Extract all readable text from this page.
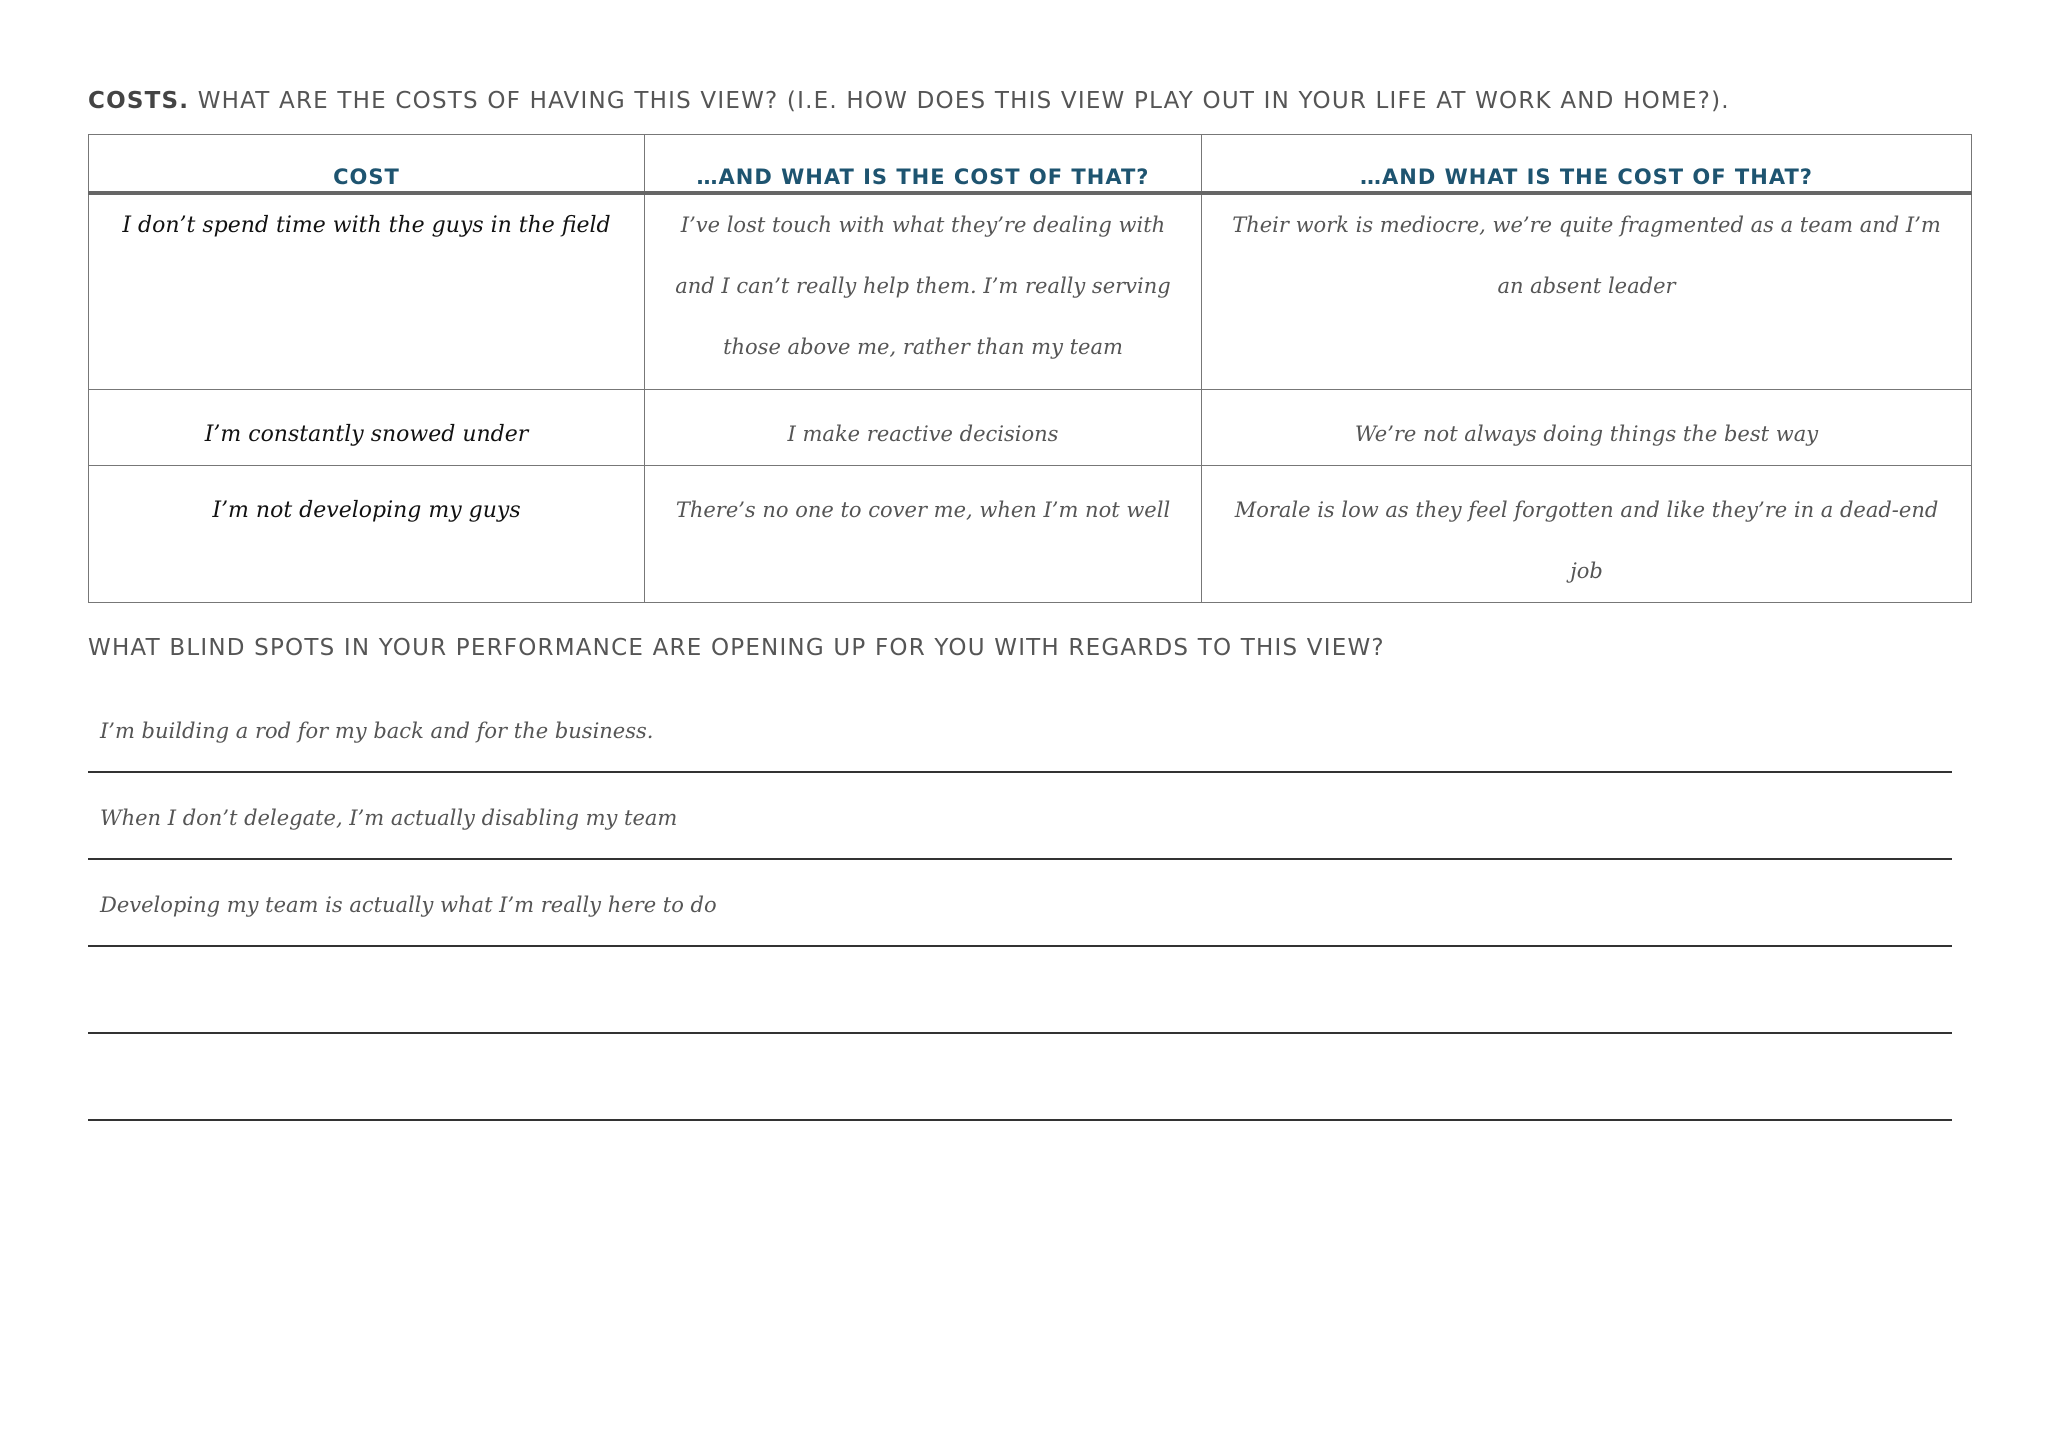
COSTS. WHAT ARE THE COSTS OF HAVING THIS VIEW? (I.E. HOW DOES THIS VIEW PLAY OUT IN YOUR LIFE AT WORK AND HOME?).
COST	…AND WHAT IS THE COST OF THAT?	…AND WHAT IS THE COST OF THAT?

I don’t spend time with the guys in the field	I’ve lost touch with what they’re dealing with and I can’t really help them. I’m really serving those above me, rather than my team	Their work is mediocre, we’re quite fragmented as a team and I’m an absent leader

I’m constantly snowed under	I make reactive decisions	We’re not always doing things the best way

I’m not developing my guys	There’s no one to cover me, when I’m not well	Morale is low as they feel forgotten and like they’re in a dead-end job
WHAT BLIND SPOTS IN YOUR PERFORMANCE ARE OPENING UP FOR YOU WITH REGARDS TO THIS VIEW?
I’m building a rod for my back and for the business.
When I don’t delegate, I’m actually disabling my team
Developing my team is actually what I’m really here to do
